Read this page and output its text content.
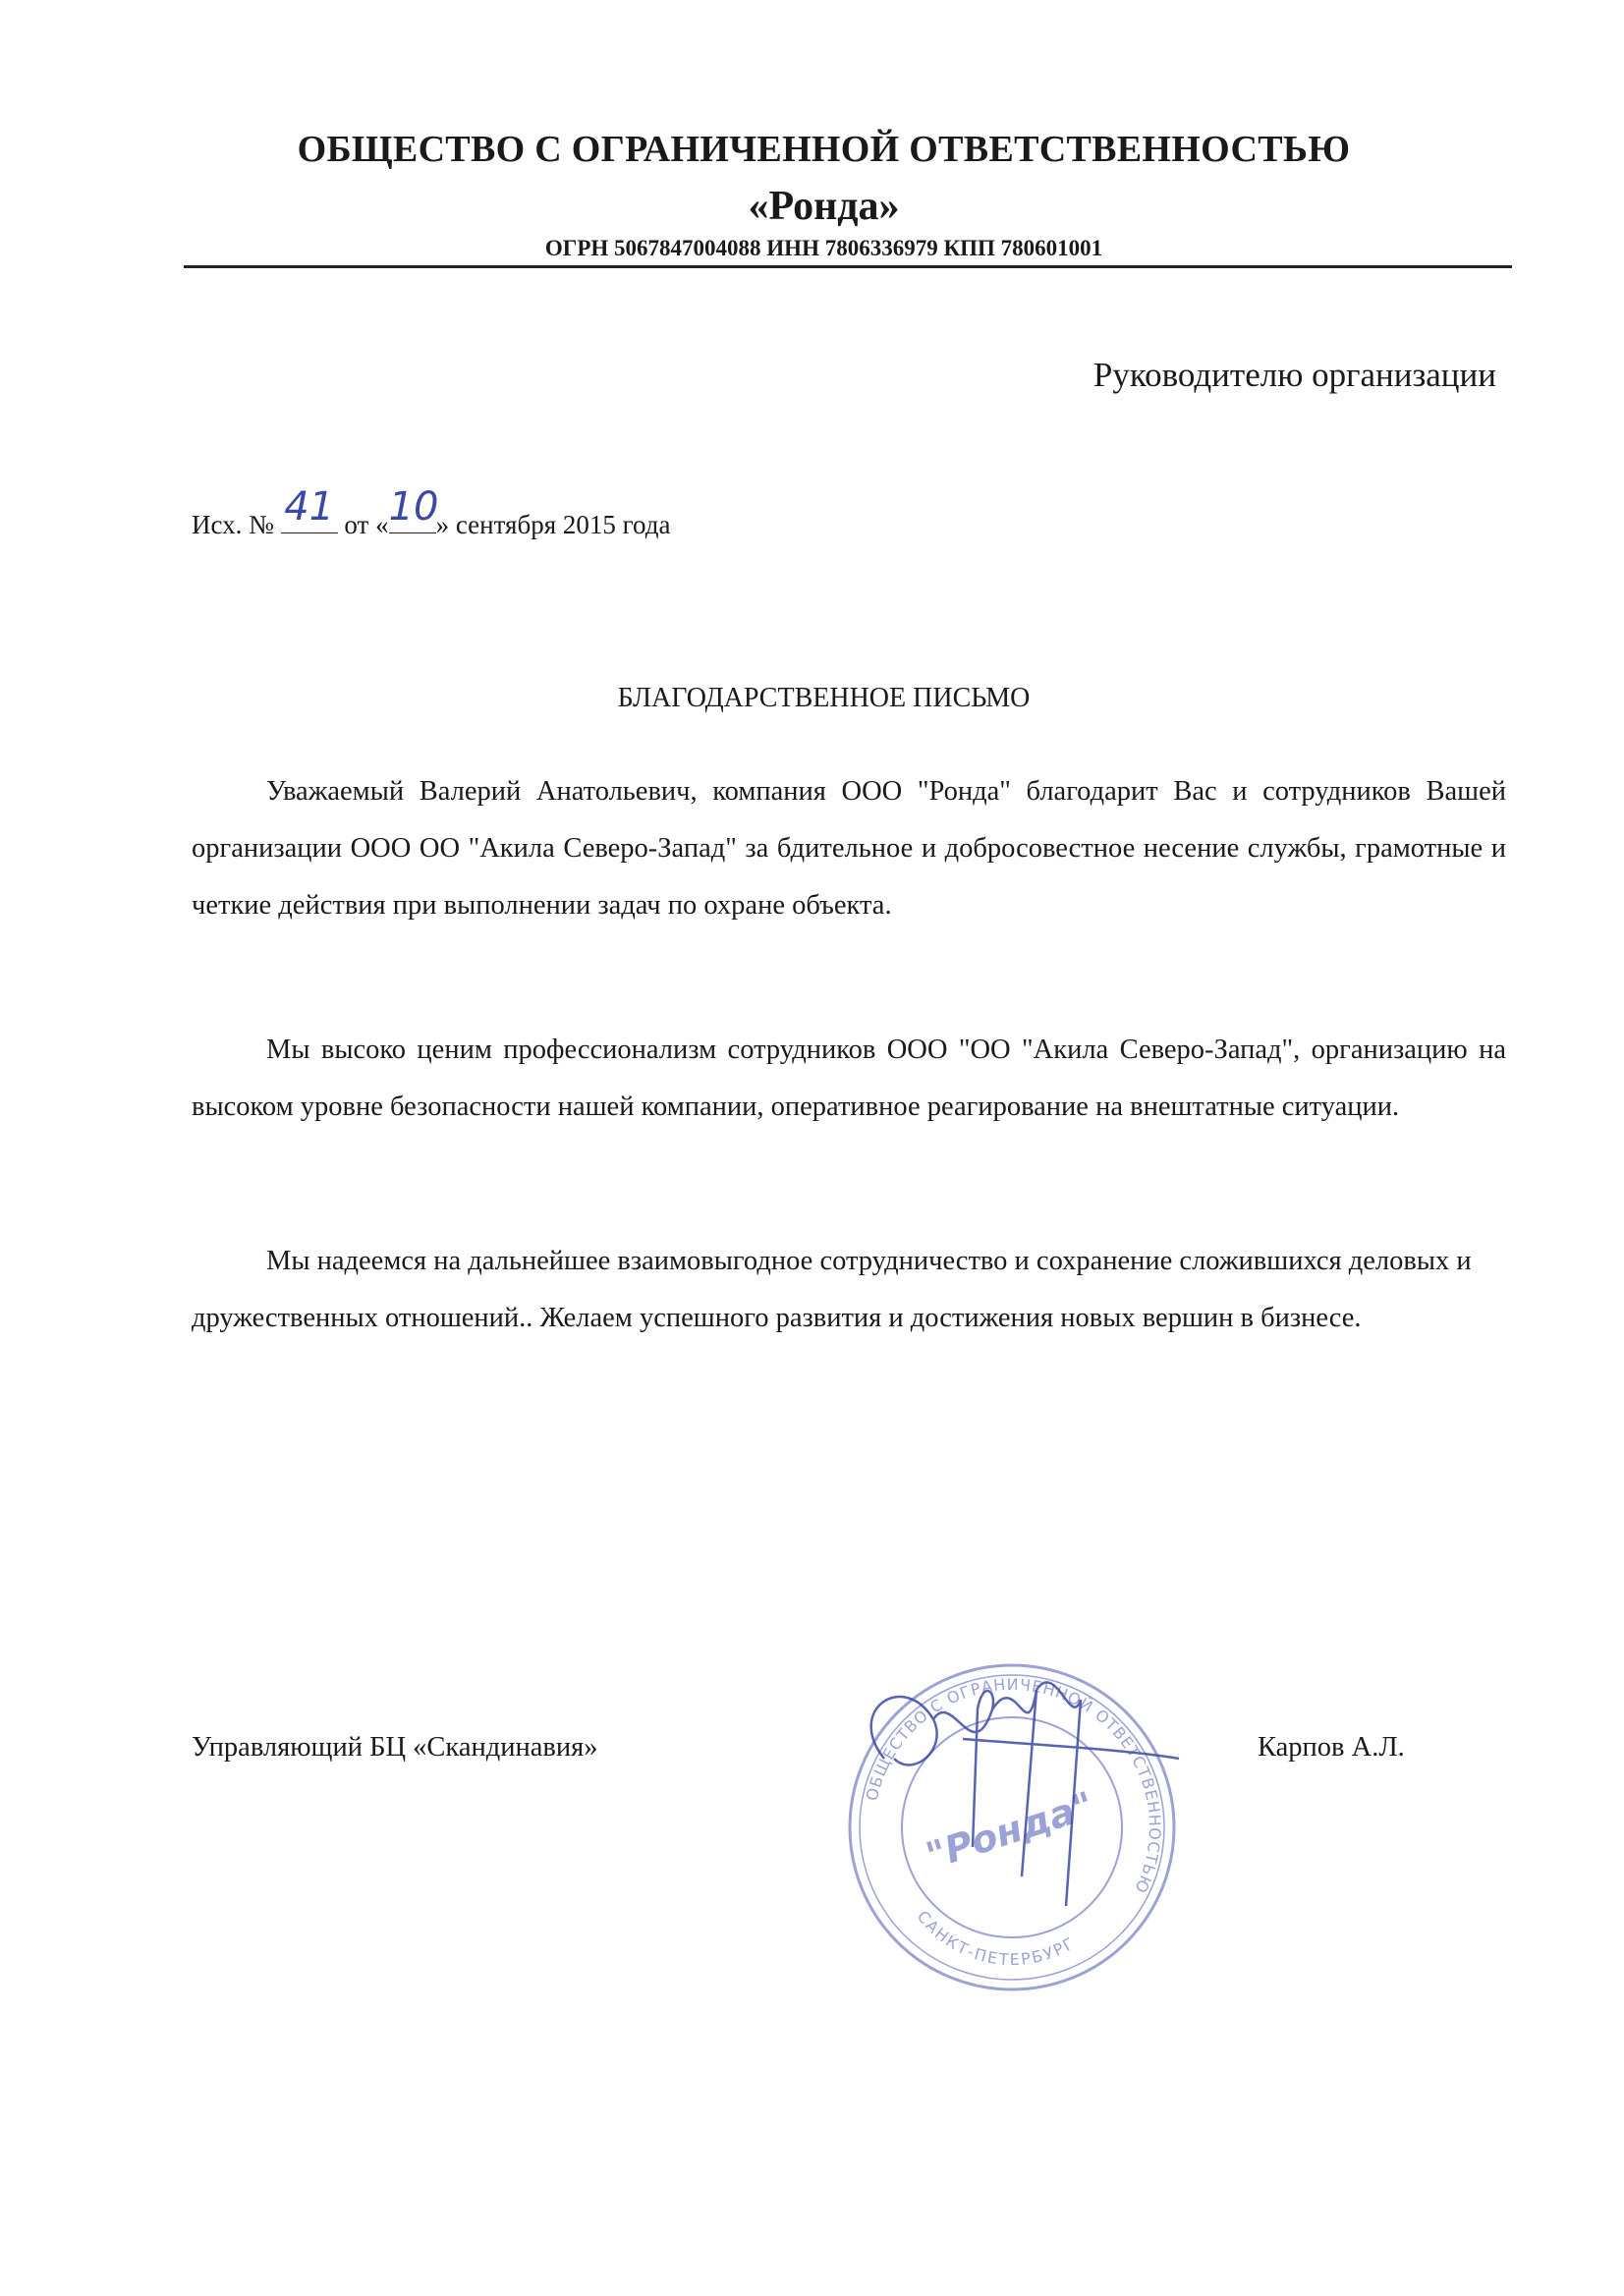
ОБЩЕСТВО С ОГРАНИЧЕННОЙ ОТВЕТСТВЕННОСТЬЮ
«Ронда»
ОГРН 5067847004088 ИНН 7806336979 КПП 780601001
Руководителю организации
Исх. № 41 от « 10
» сентября 2015 года
БЛАГОДАРСТВЕННОЕ ПИСЬМО
Уважаемый Валерий Анатольевич, компания ООО "Ронда" благодарит Вас и сотрудников Вашей организации ООО ОО "Акила Северо-Запад" за бдительное и добросовестное несение службы, грамотные и четкие действия при выполнении задач по охране объекта.
Мы высоко ценим профессионализм сотрудников ООО "ОО "Акила Северо-Запад", организацию на высоком уровне безопасности нашей компании, оперативное реагирование на внештатные ситуации.
Мы надеемся на дальнейшее взаимовыгодное сотрудничество и сохранение сложившихся деловых и дружественных отношений.. Желаем успешного развития и достижения новых вершин в бизнесе.
ОБЩЕСТВО С ОГРАНИЧЕННОЙ ОТВЕТСТВЕННОСТЬЮ
САНКТ-ПЕТЕРБУРГ
"Ронда"
Управляющий БЦ «Скандинавия»	Карпов А.Л.
